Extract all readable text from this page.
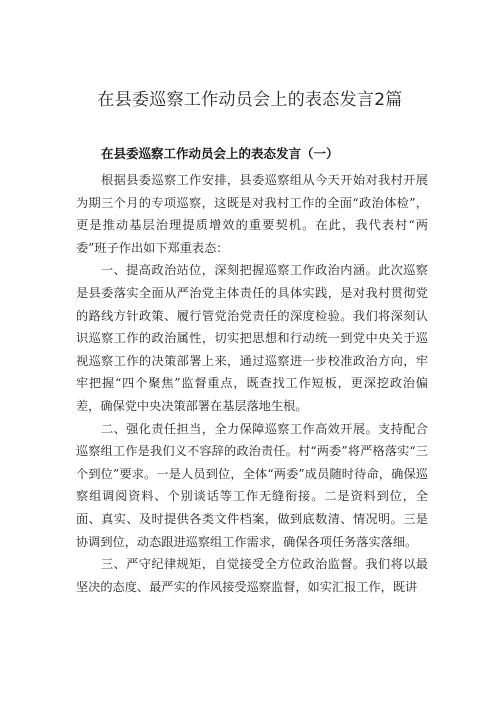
在县委巡察工作动员会上的表态发言2篇
在县委巡察工作动员会上的表态发言（一）

根据县委巡察工作安排，县委巡察组从今天开始对我村开展为期三个月的专项巡察，这既是对我村工作的全面“政治体检”，更是推动基层治理提质增效的重要契机。在此，我代表村“两委”班子作出如下郑重表态：

一、提高政治站位，深刻把握巡察工作政治内涵。此次巡察是县委落实全面从严治党主体责任的具体实践，是对我村贯彻党的路线方针政策、履行管党治党责任的深度检验。我们将深刻认识巡察工作的政治属性，切实把思想和行动统一到党中央关于巡视巡察工作的决策部署上来，通过巡察进一步校准政治方向，牢牢把握“四个聚焦”监督重点，既查找工作短板，更深挖政治偏差，确保党中央决策部署在基层落地生根。

二、强化责任担当，全力保障巡察工作高效开展。支持配合巡察组工作是我们义不容辞的政治责任。村“两委”将严格落实“三个到位”要求。一是人员到位，全体“两委”成员随时待命，确保巡察组调阅资料、个别谈话等工作无缝衔接。二是资料到位，全面、真实、及时提供各类文件档案，做到底数清、情况明。三是协调到位，动态跟进巡察组工作需求，确保各项任务落实落细。

三、严守纪律规矩，自觉接受全方位政治监督。我们将以最坚决的态度、最严实的作风接受巡察监督，如实汇报工作，既讲
